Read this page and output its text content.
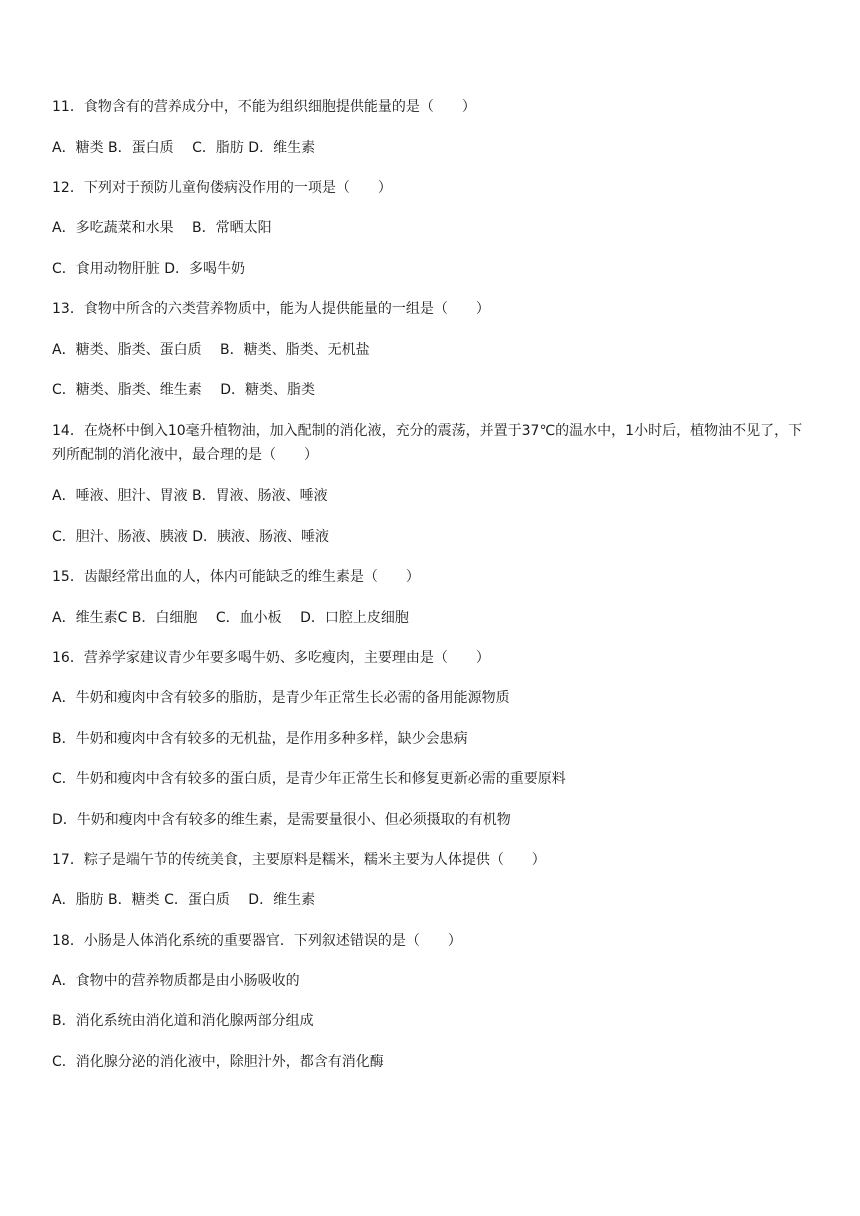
11．食物含有的营养成分中，不能为组织细胞提供能量的是（　　）

A．糖类 B．蛋白质　 C．脂肪 D．维生素

12．下列对于预防儿童佝偻病没作用的一项是（　　）

A．多吃蔬菜和水果　 B．常晒太阳

C．食用动物肝脏 D．多喝牛奶

13．食物中所含的六类营养物质中，能为人提供能量的一组是（　　）

A．糖类、脂类、蛋白质　 B．糖类、脂类、无机盐

C．糖类、脂类、维生素　 D．糖类、脂类

14．在烧杯中倒入10毫升植物油，加入配制的消化液，充分的震荡，并置于37℃的温水中，1小时后，植物油不见了，下列所配制的消化液中，最合理的是（　　）

A．唾液、胆汁、胃液 B．胃液、肠液、唾液

C．胆汁、肠液、胰液 D．胰液、肠液、唾液

15．齿龈经常出血的人，体内可能缺乏的维生素是（　　）

A．维生素C B．白细胞　 C．血小板　 D．口腔上皮细胞

16．营养学家建议青少年要多喝牛奶、多吃瘦肉，主要理由是（　　）

A．牛奶和瘦肉中含有较多的脂肪，是青少年正常生长必需的备用能源物质

B．牛奶和瘦肉中含有较多的无机盐，是作用多种多样，缺少会患病

C．牛奶和瘦肉中含有较多的蛋白质，是青少年正常生长和修复更新必需的重要原料

D．牛奶和瘦肉中含有较多的维生素，是需要量很小、但必须摄取的有机物

17．粽子是端午节的传统美食，主要原料是糯米，糯米主要为人体提供（　　）

A．脂肪 B．糖类 C．蛋白质　 D．维生素

18．小肠是人体消化系统的重要器官．下列叙述错误的是（　　）

A．食物中的营养物质都是由小肠吸收的

B．消化系统由消化道和消化腺两部分组成

C．消化腺分泌的消化液中，除胆汁外，都含有消化酶
